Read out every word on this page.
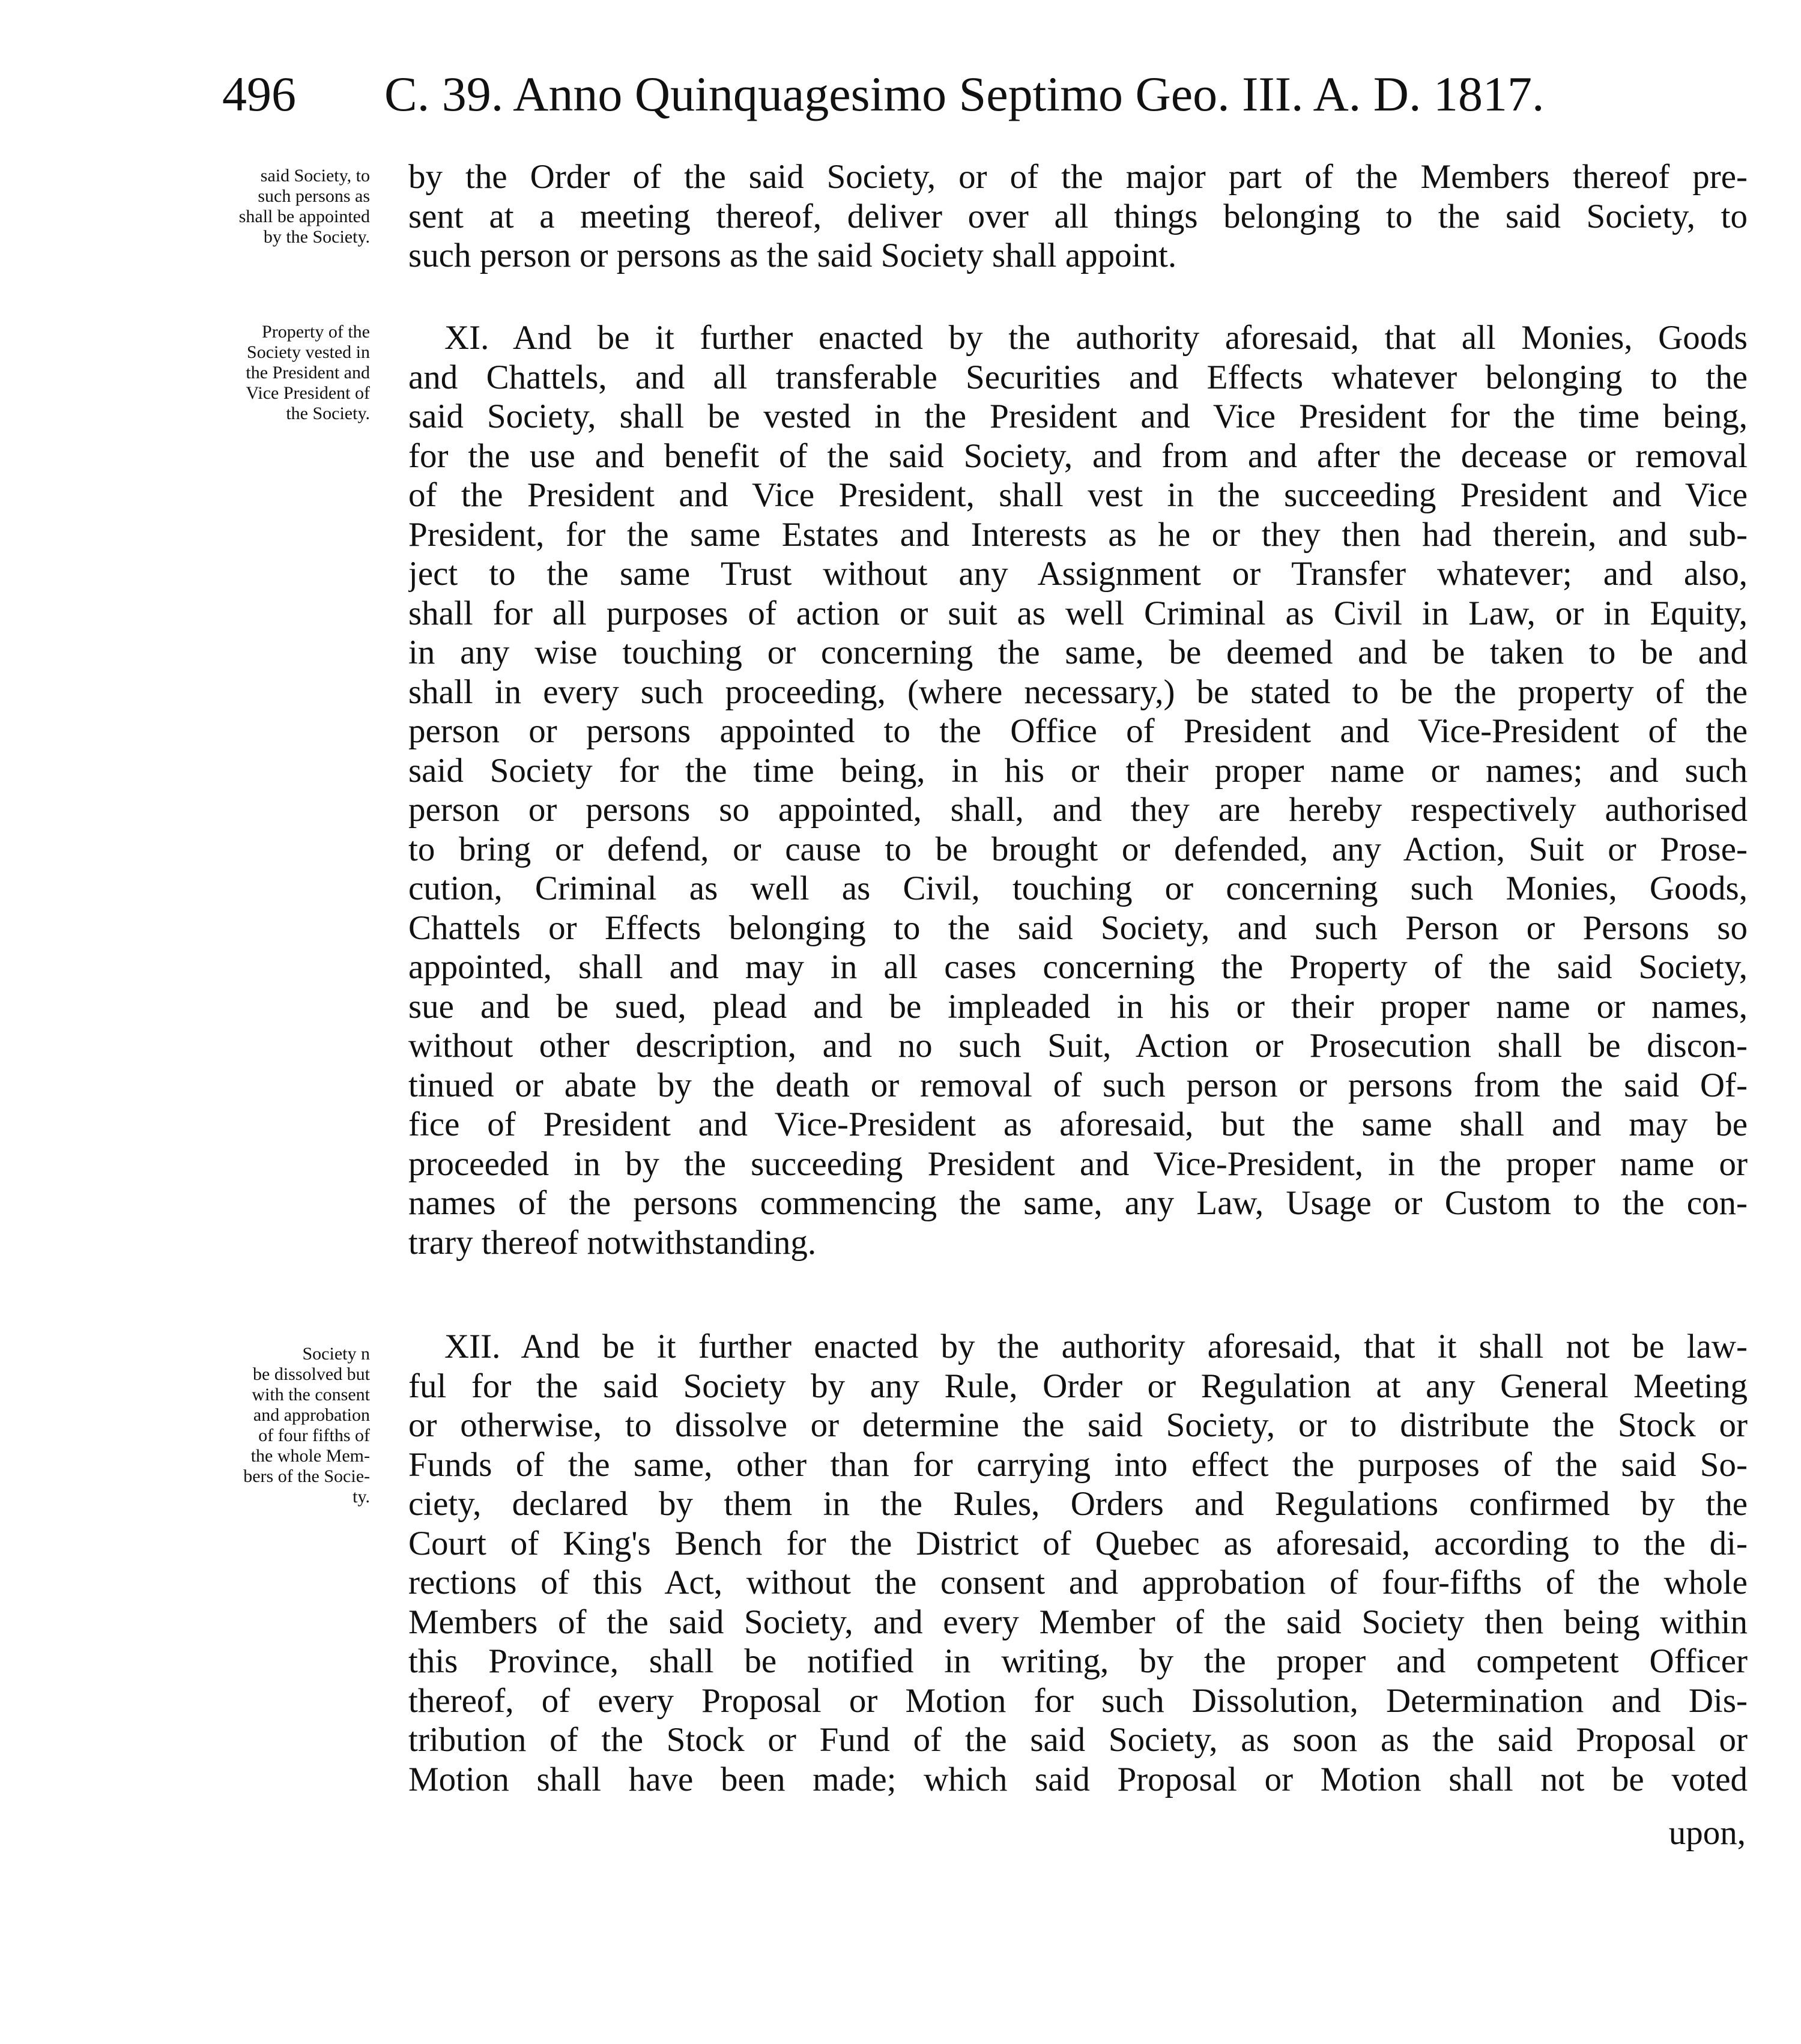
496 C. 39. Anno Quinquagesimo Septimo Geo. III. A. D. 1817.
said Society, to
such persons as
shall be appointed
by the Society.
by the Order of the said Society, or of the major part of the Members thereof pre-
sent at a meeting thereof, deliver over all things belonging to the said Society, to
such person or persons as the said Society shall appoint.
Property of the
Society vested in
the President and
Vice President of
the Society.
XI. And be it further enacted by the authority aforesaid, that all Monies, Goods
and Chattels, and all transferable Securities and Effects whatever belonging to the
said Society, shall be vested in the President and Vice President for the time being,
for the use and benefit of the said Society, and from and after the decease or removal
of the President and Vice President, shall vest in the succeeding President and Vice
President, for the same Estates and Interests as he or they then had therein, and sub-
ject to the same Trust without any Assignment or Transfer whatever; and also,
shall for all purposes of action or suit as well Criminal as Civil in Law, or in Equity,
in any wise touching or concerning the same, be deemed and be taken to be and
shall in every such proceeding, (where necessary,) be stated to be the property of the
person or persons appointed to the Office of President and Vice-President of the
said Society for the time being, in his or their proper name or names; and such
person or persons so appointed, shall, and they are hereby respectively authorised
to bring or defend, or cause to be brought or defended, any Action, Suit or Prose-
cution, Criminal as well as Civil, touching or concerning such Monies, Goods,
Chattels or Effects belonging to the said Society, and such Person or Persons so
appointed, shall and may in all cases concerning the Property of the said Society,
sue and be sued, plead and be impleaded in his or their proper name or names,
without other description, and no such Suit, Action or Prosecution shall be discon-
tinued or abate by the death or removal of such person or persons from the said Of-
fice of President and Vice-President as aforesaid, but the same shall and may be
proceeded in by the succeeding President and Vice-President, in the proper name or
names of the persons commencing the same, any Law, Usage or Custom to the con-
trary thereof notwithstanding.
Society n
be dissolved but
with the consent
and approbation
of four fifths of
the whole Mem-
bers of the Socie-
ty.
XII. And be it further enacted by the authority aforesaid, that it shall not be law-
ful for the said Society by any Rule, Order or Regulation at any General Meeting
or otherwise, to dissolve or determine the said Society, or to distribute the Stock or
Funds of the same, other than for carrying into effect the purposes of the said So-
ciety, declared by them in the Rules, Orders and Regulations confirmed by the
Court of King's Bench for the District of Quebec as aforesaid, according to the di-
rections of this Act, without the consent and approbation of four-fifths of the whole
Members of the said Society, and every Member of the said Society then being within
this Province, shall be notified in writing, by the proper and competent Officer
thereof, of every Proposal or Motion for such Dissolution, Determination and Dis-
tribution of the Stock or Fund of the said Society, as soon as the said Proposal or
Motion shall have been made; which said Proposal or Motion shall not be voted
upon,
